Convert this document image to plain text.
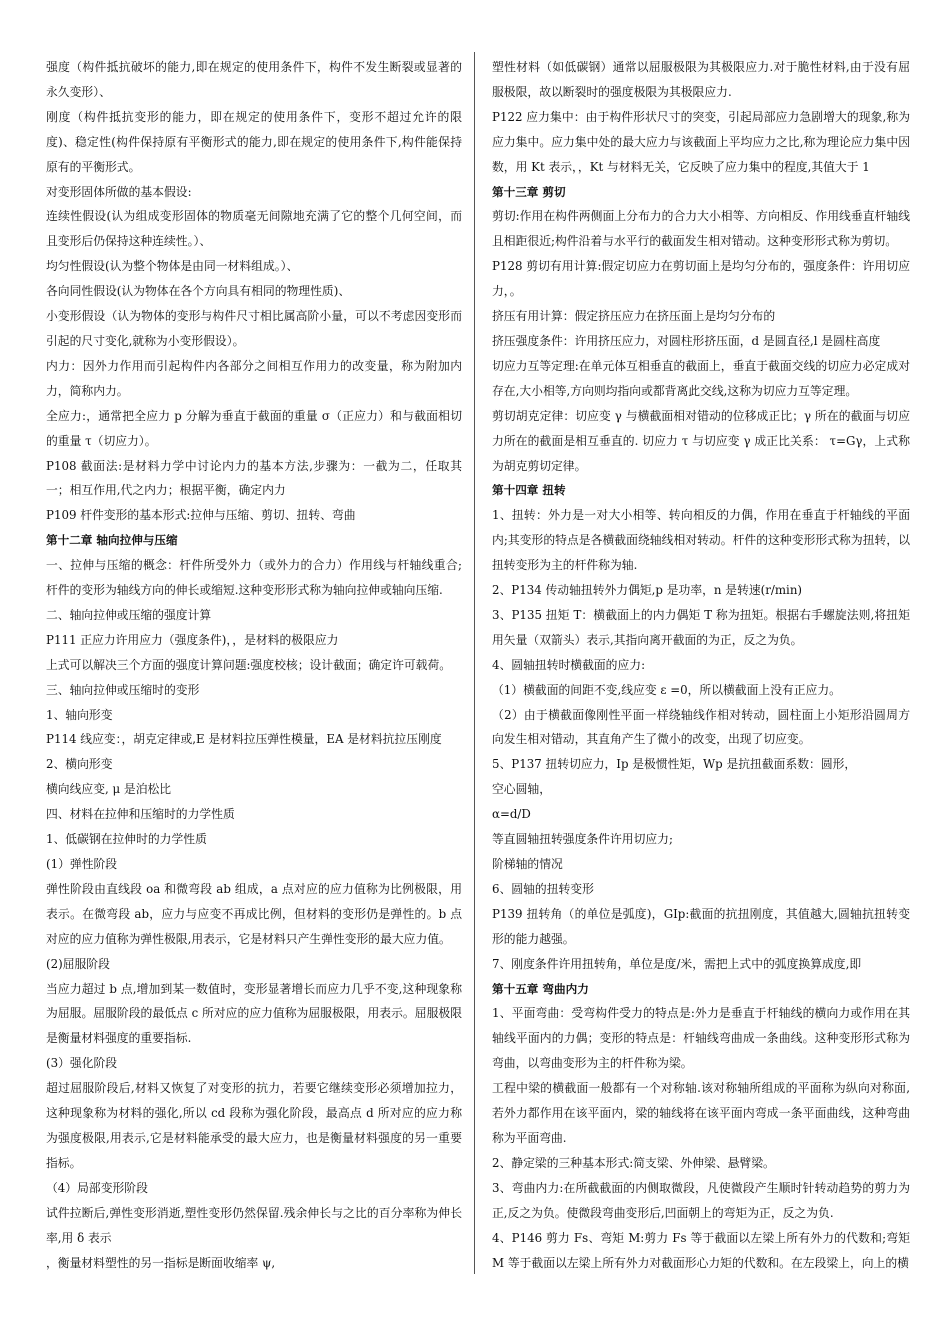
强度（构件抵抗破坏的能力,即在规定的使用条件下，构件不发生断裂或显著的永久变形）、
刚度（构件抵抗变形的能力，即在规定的使用条件下，变形不超过允许的限度)、稳定性(构件保持原有平衡形式的能力,即在规定的使用条件下,构件能保持原有的平衡形式。
对变形固体所做的基本假设:
连续性假设(认为组成变形固体的物质毫无间隙地充满了它的整个几何空间，而且变形后仍保持这种连续性。）、
均匀性假设(认为整个物体是由同一材料组成。）、
各向同性假设(认为物体在各个方向具有相同的物理性质)、
小变形假设（认为物体的变形与构件尺寸相比属高阶小量，可以不考虑因变形而引起的尺寸变化,就称为小变形假设）。
内力：因外力作用而引起构件内各部分之间相互作用力的改变量，称为附加内力，简称内力。
全应力:，通常把全应力 p 分解为垂直于截面的重量 σ（正应力）和与截面相切的重量 τ（切应力）。
P108 截面法:是材料力学中讨论内力的基本方法,步骤为：一截为二，任取其一；相互作用,代之内力；根据平衡，确定内力
P109 杆件变形的基本形式:拉伸与压缩、剪切、扭转、弯曲
第十二章 轴向拉伸与压缩
一、拉伸与压缩的概念：杆件所受外力（或外力的合力）作用线与杆轴线重合;杆件的变形为轴线方向的伸长或缩短.这种变形形式称为轴向拉伸或轴向压缩.
二、轴向拉伸或压缩的强度计算
P111 正应力许用应力（强度条件)，，是材料的极限应力
上式可以解决三个方面的强度计算问题:强度校核；设计截面；确定许可载荷。
三、轴向拉伸或压缩时的变形
1、轴向形变
P114 线应变：，胡克定律或,E 是材料拉压弹性模量，EA 是材料抗拉压刚度
2、横向形变
横向线应变, μ 是泊松比
四、材料在拉伸和压缩时的力学性质
1、低碳钢在拉伸时的力学性质
(1）弹性阶段
弹性阶段由直线段 oa 和微弯段 ab 组成，a 点对应的应力值称为比例极限，用表示。在微弯段 ab，应力与应变不再成比例，但材料的变形仍是弹性的。b 点对应的应力值称为弹性极限,用表示，它是材料只产生弹性变形的最大应力值。
(2)屈服阶段
当应力超过 b 点,增加到某一数值时，变形显著增长而应力几乎不变,这种现象称为屈服。屈服阶段的最低点 c 所对应的应力值称为屈服极限，用表示。屈服极限是衡量材料强度的重要指标.
(3）强化阶段
超过屈服阶段后,材料又恢复了对变形的抗力，若要它继续变形必须增加拉力，这种现象称为材料的强化,所以 cd 段称为强化阶段，最高点 d 所对应的应力称为强度极限,用表示,它是材料能承受的最大应力，也是衡量材料强度的另一重要指标。
（4）局部变形阶段
试件拉断后,弹性变形消逝,塑性变形仍然保留.残余伸长与之比的百分率称为伸长率,用 δ 表示
，衡量材料塑性的另一指标是断面收缩率 ψ,
塑性材料（如低碳钢）通常以屈服极限为其极限应力.对于脆性材料,由于没有屈服极限，故以断裂时的强度极限为其极限应力.
P122 应力集中：由于构件形状尺寸的突变，引起局部应力急剧增大的现象,称为应力集中。应力集中处的最大应力与该截面上平均应力之比,称为理论应力集中因数，用 Kt 表示，，Kt 与材料无关，它反映了应力集中的程度,其值大于 1
第十三章 剪切
剪切:作用在构件两侧面上分布力的合力大小相等、方向相反、作用线垂直杆轴线且相距很近;构件沿着与水平行的截面发生相对错动。这种变形形式称为剪切。
P128 剪切有用计算:假定切应力在剪切面上是均匀分布的，强度条件：许用切应力，。
挤压有用计算：假定挤压应力在挤压面上是均匀分布的
挤压强度条件：许用挤压应力，对圆柱形挤压面，d 是圆直径,l 是圆柱高度
切应力互等定理:在单元体互相垂直的截面上，垂直于截面交线的切应力必定成对存在,大小相等,方向则均指向或都背离此交线,这称为切应力互等定理。
剪切胡克定律：切应变 γ 与横截面相对错动的位移成正比；γ 所在的截面与切应力所在的截面是相互垂直的. 切应力 τ 与切应变 γ 成正比关系： τ=Gγ，上式称为胡克剪切定律。
第十四章 扭转
1、扭转：外力是一对大小相等、转向相反的力偶，作用在垂直于杆轴线的平面内;其变形的特点是各横截面绕轴线相对转动。杆件的这种变形形式称为扭转，以扭转变形为主的杆件称为轴.
2、P134 传动轴扭转外力偶矩,p 是功率，n 是转速(r/min)
3、P135 扭矩 T：横截面上的内力偶矩 T 称为扭矩。根据右手螺旋法则,将扭矩用矢量（双箭头）表示,其指向离开截面的为正，反之为负。
4、圆轴扭转时横截面的应力:
（1）横截面的间距不变,线应变 ε =0，所以横截面上没有正应力。
（2）由于横截面像刚性平面一样绕轴线作相对转动，圆柱面上小矩形沿圆周方向发生相对错动，其直角产生了微小的改变，出现了切应变。
5、P137 扭转切应力，Ip 是极惯性矩，Wp 是抗扭截面系数：圆形，
空心圆轴，
α=d/D
等直圆轴扭转强度条件许用切应力;
阶梯轴的情况
6、圆轴的扭转变形
P139 扭转角（的单位是弧度)，GIp:截面的抗扭刚度，其值越大,圆轴抗扭转变形的能力越强。
7、刚度条件许用扭转角，单位是度/米，需把上式中的弧度换算成度,即
第十五章 弯曲内力
1、平面弯曲：受弯构件受力的特点是:外力是垂直于杆轴线的横向力或作用在其轴线平面内的力偶；变形的特点是：杆轴线弯曲成一条曲线。这种变形形式称为弯曲，以弯曲变形为主的杆件称为梁。
工程中梁的横截面一般都有一个对称轴.该对称轴所组成的平面称为纵向对称面,若外力都作用在该平面内，梁的轴线将在该平面内弯成一条平面曲线，这种弯曲称为平面弯曲.
2、静定梁的三种基本形式:简支梁、外伸梁、悬臂梁。
3、弯曲内力:在所截截面的内侧取微段，凡使微段产生顺时针转动趋势的剪力为正,反之为负。使微段弯曲变形后,凹面朝上的弯矩为正，反之为负.
4、P146 剪力 Fs、弯矩 M:剪力 Fs 等于截面以左梁上所有外力的代数和;弯矩 M 等于截面以左梁上所有外力对截面形心力矩的代数和。在左段梁上，向上的横
